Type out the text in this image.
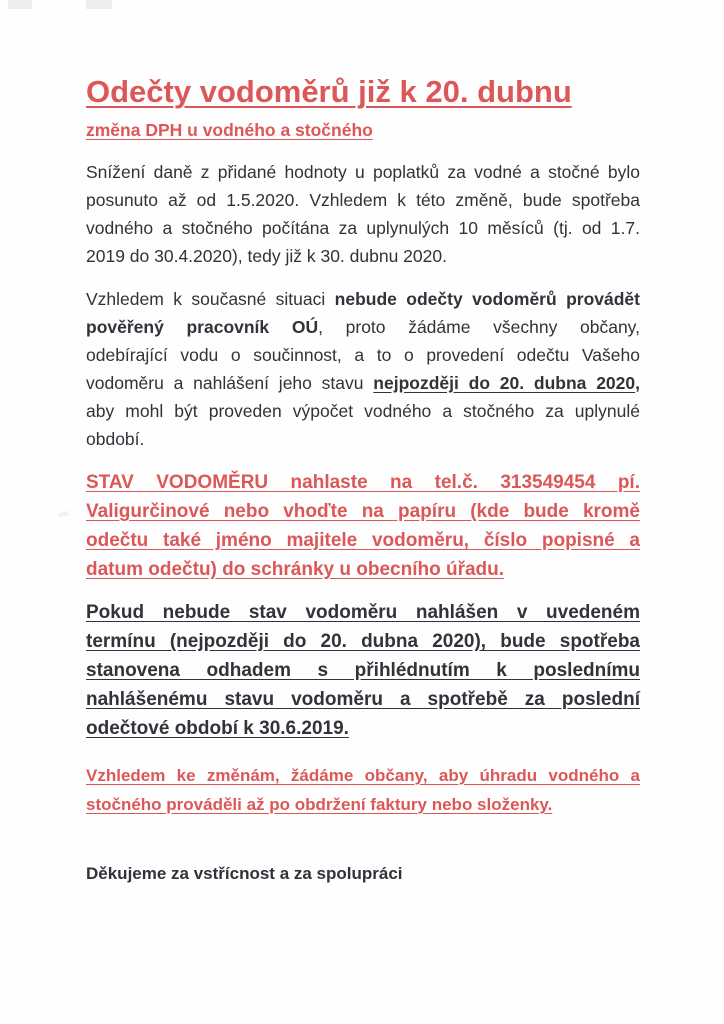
Odečty vodoměrů již k 20. dubnu
změna DPH u vodného a stočného
Snížení daně z přidané hodnoty u poplatků za vodné a stočné bylo
posunuto až od 1.5.2020. Vzhledem k této změně, bude spotřeba
vodného a stočného počítána za uplynulých 10 měsíců (tj. od 1.7.
2019 do 30.4.2020), tedy již k 30. dubnu 2020.
Vzhledem k současné situaci nebude odečty vodoměrů provádět
pověřený pracovník OÚ, proto žádáme všechny občany,
odebírající vodu o součinnost, a to o provedení odečtu Vašeho
vodoměru a nahlášení jeho stavu nejpozději do 20. dubna 2020,
aby mohl být proveden výpočet vodného a stočného za uplynulé
období.
STAV VODOMĚRU nahlaste na tel.č. 313549454 pí.
Valigurčinové nebo vhoďte na papíru (kde bude kromě
odečtu také jméno majitele vodoměru, číslo popisné a
datum odečtu) do schránky u obecního úřadu.
Pokud nebude stav vodoměru nahlášen v uvedeném
termínu (nejpozději do 20. dubna 2020), bude spotřeba
stanovena odhadem s přihlédnutím k poslednímu
nahlášenému stavu vodoměru a spotřebě za poslední
odečtové období k 30.6.2019.
Vzhledem ke změnám, žádáme občany, aby úhradu vodného a
stočného prováděli až po obdržení faktury nebo složenky.
Děkujeme za vstřícnost a za spolupráci
